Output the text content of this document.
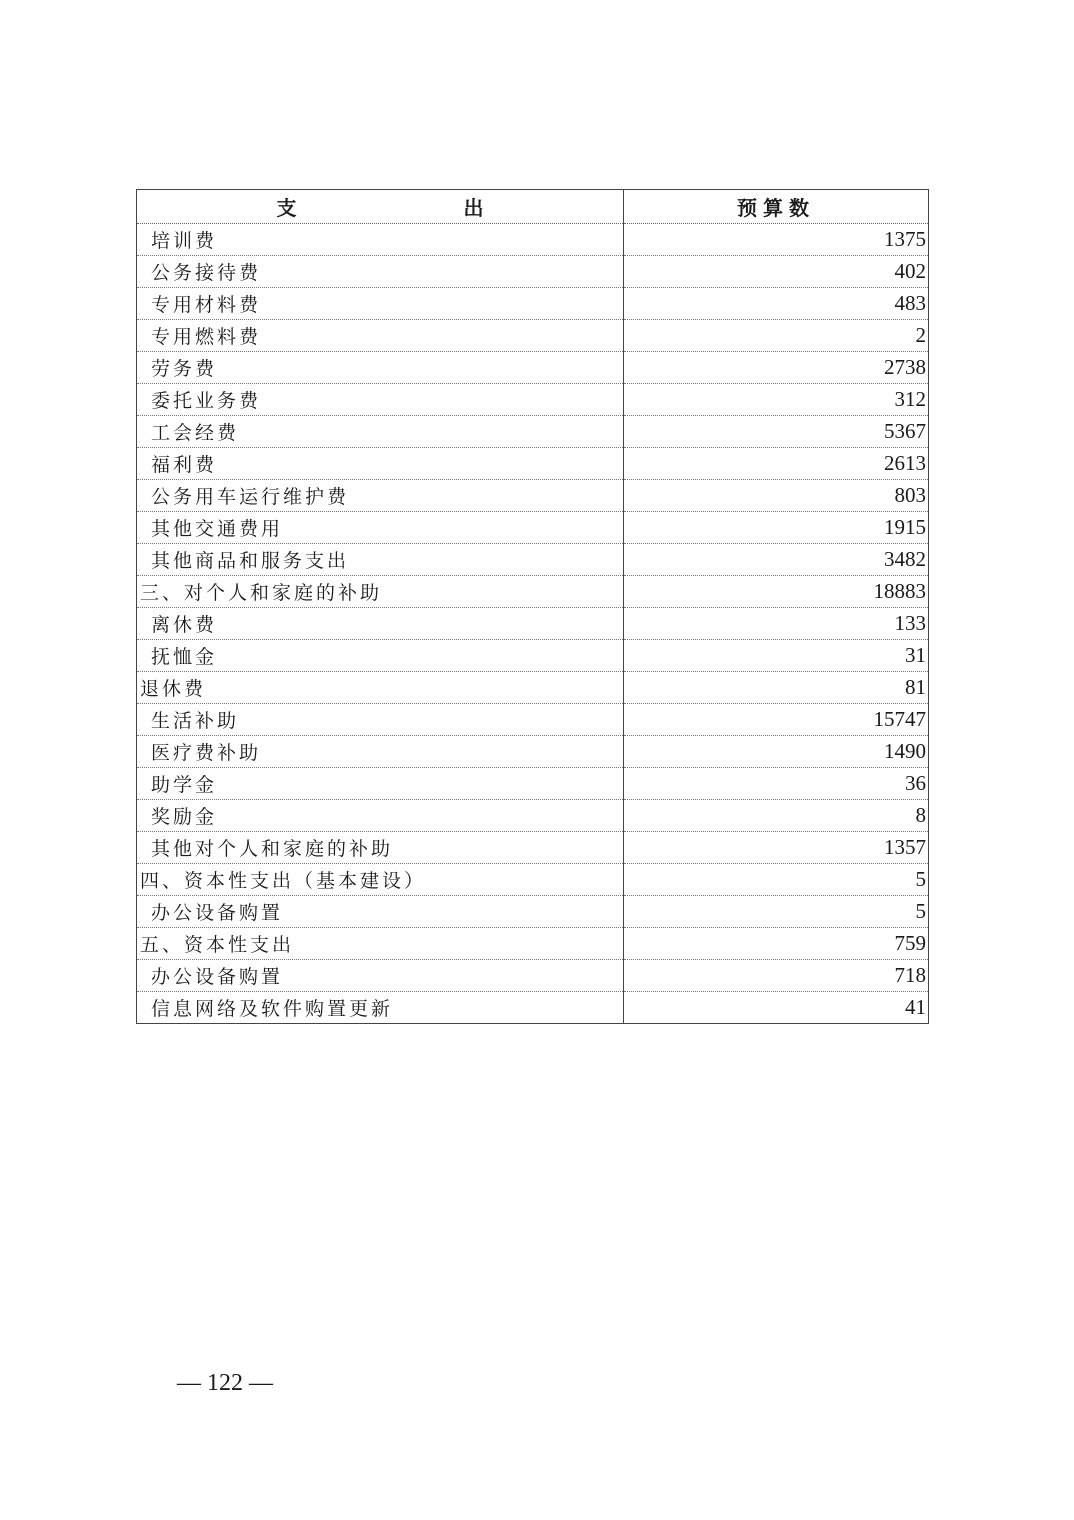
支 出	预算数
培训费	1375
公务接待费	402
专用材料费	483
专用燃料费	2
劳务费	2738
委托业务费	312
工会经费	5367
福利费	2613
公务用车运行维护费	803
其他交通费用	1915
其他商品和服务支出	3482
三、对个人和家庭的补助	18883
离休费	133
抚恤金	31
退休费	81
生活补助	15747
医疗费补助	1490
助学金	36
奖励金	8
其他对个人和家庭的补助	1357
四、资本性支出（基本建设）	5
办公设备购置	5
五、资本性支出	759
办公设备购置	718
信息网络及软件购置更新	41
— 122 —
